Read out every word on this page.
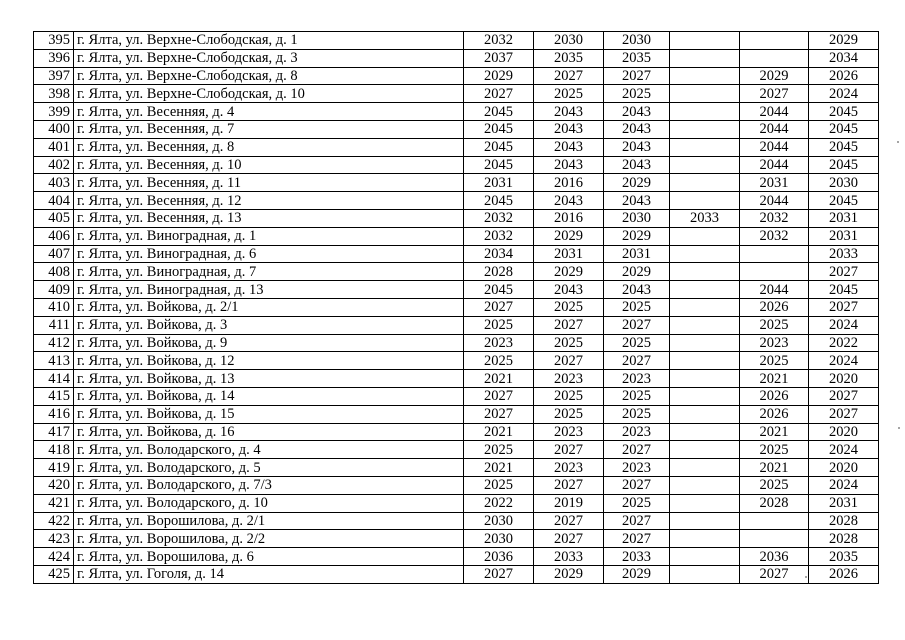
395	г. Ялта, ул. Верхне-Слободская, д. 1	2032	2030	2030			2029
396	г. Ялта, ул. Верхне-Слободская, д. 3	2037	2035	2035			2034
397	г. Ялта, ул. Верхне-Слободская, д. 8	2029	2027	2027		2029	2026
398	г. Ялта, ул. Верхне-Слободская, д. 10	2027	2025	2025		2027	2024
399	г. Ялта, ул. Весенняя, д. 4	2045	2043	2043		2044	2045
400	г. Ялта, ул. Весенняя, д. 7	2045	2043	2043		2044	2045
401	г. Ялта, ул. Весенняя, д. 8	2045	2043	2043		2044	2045
402	г. Ялта, ул. Весенняя, д. 10	2045	2043	2043		2044	2045
403	г. Ялта, ул. Весенняя, д. 11	2031	2016	2029		2031	2030
404	г. Ялта, ул. Весенняя, д. 12	2045	2043	2043		2044	2045
405	г. Ялта, ул. Весенняя, д. 13	2032	2016	2030	2033	2032	2031
406	г. Ялта, ул. Виноградная, д. 1	2032	2029	2029		2032	2031
407	г. Ялта, ул. Виноградная, д. 6	2034	2031	2031			2033
408	г. Ялта, ул. Виноградная, д. 7	2028	2029	2029			2027
409	г. Ялта, ул. Виноградная, д. 13	2045	2043	2043		2044	2045
410	г. Ялта, ул. Войкова, д. 2/1	2027	2025	2025		2026	2027
411	г. Ялта, ул. Войкова, д. 3	2025	2027	2027		2025	2024
412	г. Ялта, ул. Войкова, д. 9	2023	2025	2025		2023	2022
413	г. Ялта, ул. Войкова, д. 12	2025	2027	2027		2025	2024
414	г. Ялта, ул. Войкова, д. 13	2021	2023	2023		2021	2020
415	г. Ялта, ул. Войкова, д. 14	2027	2025	2025		2026	2027
416	г. Ялта, ул. Войкова, д. 15	2027	2025	2025		2026	2027
417	г. Ялта, ул. Войкова, д. 16	2021	2023	2023		2021	2020
418	г. Ялта, ул. Володарского, д. 4	2025	2027	2027		2025	2024
419	г. Ялта, ул. Володарского, д. 5	2021	2023	2023		2021	2020
420	г. Ялта, ул. Володарского, д. 7/3	2025	2027	2027		2025	2024
421	г. Ялта, ул. Володарского, д. 10	2022	2019	2025		2028	2031
422	г. Ялта, ул. Ворошилова, д. 2/1	2030	2027	2027			2028
423	г. Ялта, ул. Ворошилова, д. 2/2	2030	2027	2027			2028
424	г. Ялта, ул. Ворошилова, д. 6	2036	2033	2033		2036	2035
425	г. Ялта, ул. Гоголя, д. 14	2027	2029	2029		2027	2026
